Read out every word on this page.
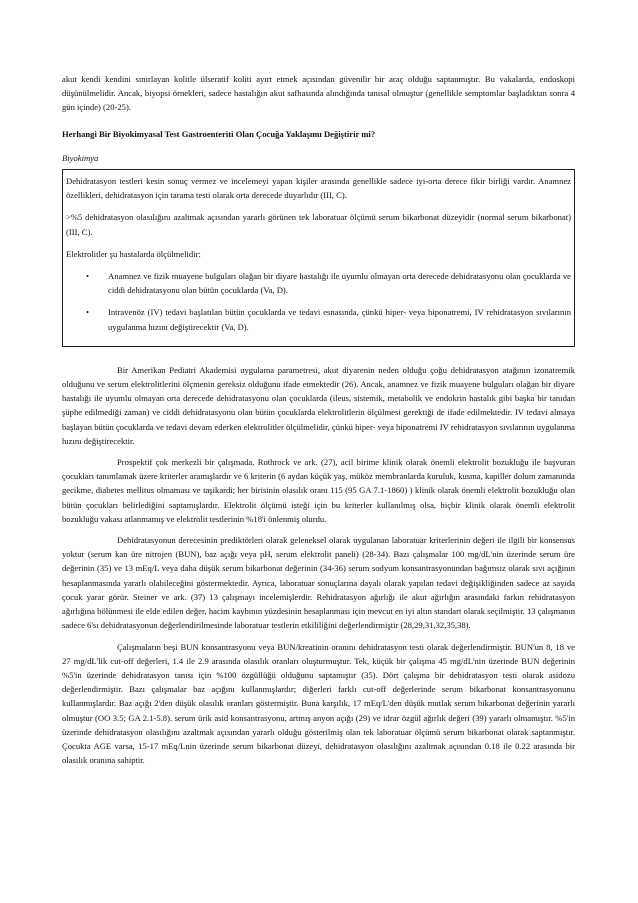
akut kendi kendini sınırlayan kolitle ülseratif koliti ayırt etmek açısından güvenilir bir araç olduğu saptanmıştır. Bu vakalarda, endoskopi düşünülmelidir. Ancak, biyopsi örnekleri, sadece hastalığın akut safhasında alındığında tanısal olmuştur (genellikle semptomlar başladıktan sonra 4 gün içinde) (20-25).

Herhangi Bir Biyokimyasal Test Gastroenteriti Olan Çocuğa Yaklaşımı Değiştirir mi?

Biyokimya

Dehidratasyon testleri kesin sonuç vermez ve incelemeyi yapan kişiler arasında genellikle sadece iyi-orta derece fikir birliği vardır. Anamnez özellikleri, dehidratasyon için tarama testi olarak orta derecede duyarlıdır (III, C).

>%5 dehidratasyon olasılığını azaltmak açısından yararlı görünen tek laboratuar ölçümü serum bikarbonat düzeyidir (normal serum bikarbonat) (III, C).

Elektrolitler şu hastalarda ölçülmelidir:

• Anamnez ve fizik muayene bulguları olağan bir diyare hastalığı ile uyumlu olmayan orta derecede dehidratasyonu olan çocuklarda ve ciddi dehidratasyonu olan bütün çocuklarda (Va, D).
• Intravenöz (IV) tedavi başlatılan bütün çocuklarda ve tedavi esnasında, çünkü hiper- veya hiponatremi, IV rehidratasyon sıvılarının uygulanma hızını değiştirecektir (Va, D).

Bir Amerikan Pediatri Akademisi uygulama parametresi, akut diyarenin neden olduğu çoğu dehidratasyon atağının izonatremik olduğunu ve serum elektrolitlerini ölçmenin gereksiz olduğunu ifade etmektedir (26). Ancak, anamnez ve fizik muayene bulguları olağan bir diyare hastalığı ile uyumlu olmayan orta derecede dehidratasyonu olan çocuklarda (ileus, sistemik, metabolik ve endokrin hastalık gibi başka bir tanıdan şüphe edilmediği zaman) ve ciddi dehidratasyonu olan bütün çocuklarda elektrolitlerin ölçülmesi gerektiği de ifade edilmektedir. IV tedavi almaya başlayan bütün çocuklarda ve tedavi devam ederken elektrolitler ölçülmelidir, çünkü hiper- veya hiponatremi IV rehidratasyon sıvılarının uygulanma hızını değiştirecektir.

Prospektif çok merkezli bir çalışmada, Rothrock ve ark. (27), acil birime klinik olarak önemli elektrolit bozukluğu ile başvuran çocukları tanımlamak üzere kriterler aramışlardır ve 6 kriterin (6 aydan küçük yaş, müköz membranlarda kuruluk, kusma, kapiller dolum zamanında gecikme, diabetes mellitus olmaması ve taşikardi; her birisinin olasılık oranı 115 (95 GA 7.1-1860) ) klinik olarak önemli elektrolit bozukluğu olan bütün çocukları belirlediğini saptamışlardır. Elektrolit ölçümü isteği için bu kriterler kullanılmış olsa, hiçbir klinik olarak önemli elektrolit bozukluğu vakası atlanmamış ve elektrolit testlerinin %18'i önlenmiş olurdu.

Dehidratasyonun derecesinin prediktörleri olarak geleneksel olarak uygulanan laboratuar kriterlerinin değeri ile ilgili bir konsensus yoktur (serum kan üre nitrojen (BUN), baz açığı veya pH, serum elektrolit paneli) (28-34). Bazı çalışmalar 100 mg/dL'nin üzerinde serum üre değerinin (35) ve 13 mEq/L veya daha düşük serum bikarbonat değerinin (34-36) serum sodyum konsantrasyonundan bağımsız olarak sıvı açığının hesaplanmasında yararlı olabileceğini göstermektedir. Ayrıca, laboratuar sonuçlarına dayalı olarak yapılan tedavi değişikliğinden sadece az sayıda çocuk yarar görür. Steiner ve ark. (37) 13 çalışmayı incelemişlerdir. Rehidratasyon ağırlığı ile akut ağırlığın arasındaki farkın rehidratasyon ağırlığına bölünmesi ile elde edilen değer, hacim kaybının yüzdesinin hesaplanması için mevcut en iyi altın standart olarak seçilmiştir. 13 çalışmanın sadece 6'sı dehidratasyonun değerlendirilmesinde laboratuar testlerin etkililiğini değerlendirmiştir (28,29,31,32,35,38).

Çalışmaların beşi BUN konsantrasyonu veya BUN/kreatinin oranını dehidratasyon testi olarak değerlendirmiştir. BUN'un 8, 18 ve 27 mg/dL'lik cut-off değerleri, 1.4 ile 2.9 arasında olasılık oranları oluşturmuştur. Tek, küçük bir çalışma 45 mg/dL'nin üzerinde BUN değerinin %5'in üzerinde dehidratasyon tanısı için %100 özgüllüğü olduğunu saptamıştır (35). Dört çalışma bir dehidratasyon testi olarak asidozu değerlendirmiştir. Bazı çalışmalar baz açığını kullanmışlardır; diğerleri farklı cut-off değerlerinde serum bikarbonat konsantrasyonunu kullanmışlardır. Baz açığı 2'den düşük olasılık oranları göstermiştir. Buna karşılık, 17 mEq/L'den düşük mutlak serum bikarbonat değerinin yararlı olmuştur (OO 3.5; GA 2.1-5.8). serum ürik asid konsantrasyonu, artmış anyon açığı (29) ve idrar özgül ağırlık değeri (39) yararlı olmamıştır. %5'in üzerinde dehidratasyon olasılığını azaltmak açısından yararlı olduğu gösterilmiş olan tek laboratuar ölçümü serum bikarbonat olarak saptanmıştır. Çocukta AGE varsa, 15-17 mEq/Lnin üzerinde serum bikarbonat düzeyi, dehidratasyon olasılığını azaltmak açısından 0.18 ile 0.22 arasında bir olasılık oranına sahiptir.
